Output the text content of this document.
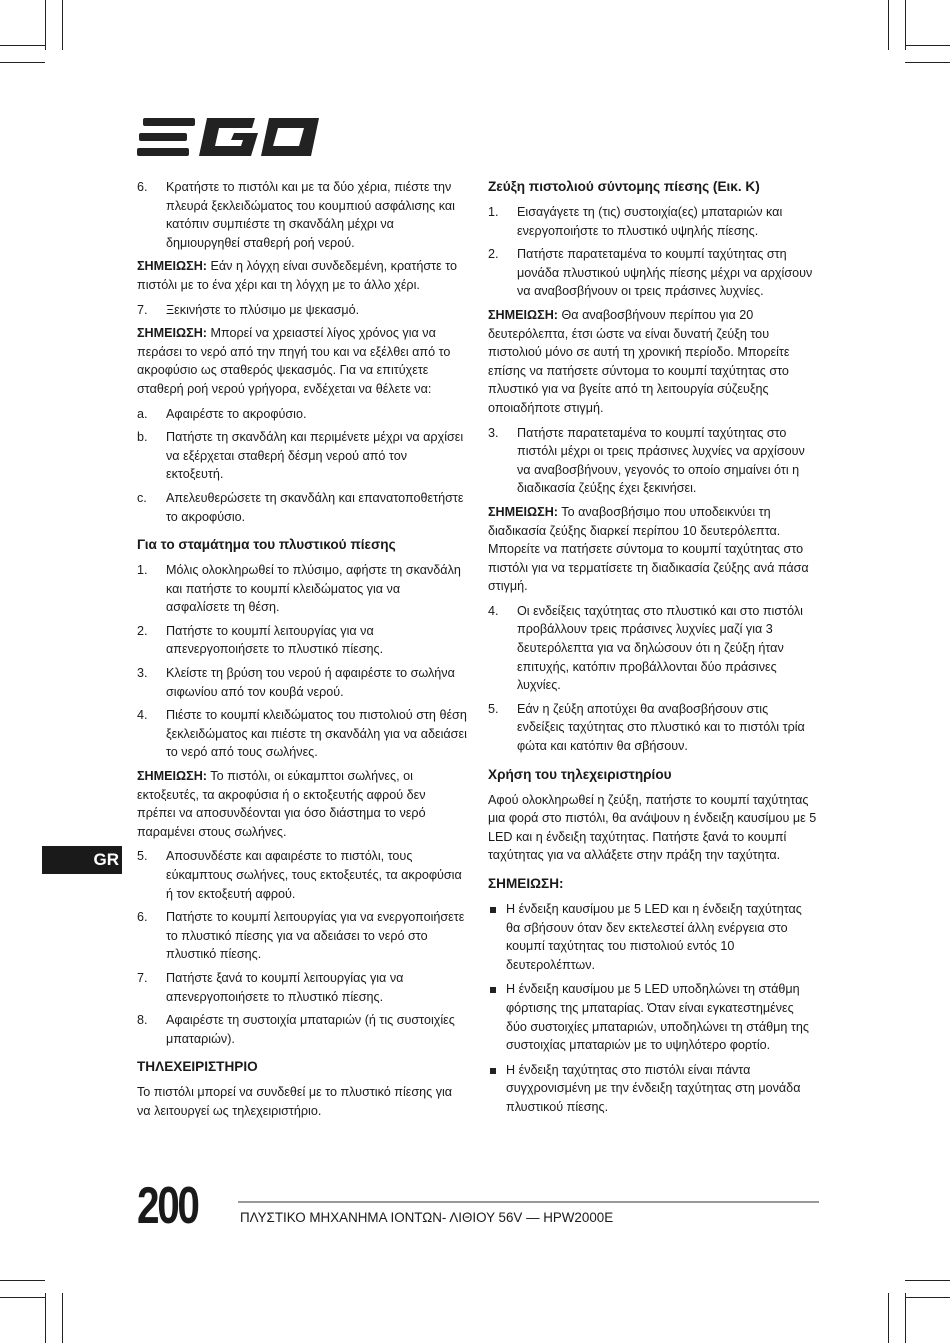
6.	Κρατήστε το πιστόλι και με τα δύο χέρια, πιέστε την πλευρά ξεκλειδώματος του κουμπιού ασφάλισης και κατόπιν συμπιέστε τη σκανδάλη μέχρι να δημιουργηθεί σταθερή ροή νερού.
ΣΗΜΕΙΩΣΗ: Εάν η λόγχη είναι συνδεδεμένη, κρατήστε το πιστόλι με το ένα χέρι και τη λόγχη με το άλλο χέρι.
7.	Ξεκινήστε το πλύσιμο με ψεκασμό.
ΣΗΜΕΙΩΣΗ: Μπορεί να χρειαστεί λίγος χρόνος για να περάσει το νερό από την πηγή του και να εξέλθει από το ακροφύσιο ως σταθερός ψεκασμός. Για να επιτύχετε σταθερή ροή νερού γρήγορα, ενδέχεται να θέλετε να:
a.	Αφαιρέστε το ακροφύσιο.
b.	Πατήστε τη σκανδάλη και περιμένετε μέχρι να αρχίσει να εξέρχεται σταθερή δέσμη νερού από τον εκτοξευτή.
c.	Απελευθερώσετε τη σκανδάλη και επανατοποθετήστε το ακροφύσιο.
Για το σταμάτημα του πλυστικού πίεσης
1.	Μόλις ολοκληρωθεί το πλύσιμο, αφήστε τη σκανδάλη και πατήστε το κουμπί κλειδώματος για να ασφαλίσετε τη θέση.
2.	Πατήστε το κουμπί λειτουργίας για να απενεργοποιήσετε το πλυστικό πίεσης.
3.	Κλείστε τη βρύση του νερού ή αφαιρέστε το σωλήνα σιφωνίου από τον κουβά νερού.
4.	Πιέστε το κουμπί κλειδώματος του πιστολιού στη θέση ξεκλειδώματος και πιέστε τη σκανδάλη για να αδειάσει το νερό από τους σωλήνες.
ΣΗΜΕΙΩΣΗ: Το πιστόλι, οι εύκαμπτοι σωλήνες, οι εκτοξευτές, τα ακροφύσια ή ο εκτοξευτής αφρού δεν πρέπει να αποσυνδέονται για όσο διάστημα το νερό παραμένει στους σωλήνες.
5.	Αποσυνδέστε και αφαιρέστε το πιστόλι, τους εύκαμπτους σωλήνες, τους εκτοξευτές, τα ακροφύσια ή τον εκτοξευτή αφρού.
6.	Πατήστε το κουμπί λειτουργίας για να ενεργοποιήσετε το πλυστικό πίεσης για να αδειάσει το νερό στο πλυστικό πίεσης.
7.	Πατήστε ξανά το κουμπί λειτουργίας για να απενεργοποιήσετε το πλυστικό πίεσης.
8.	Αφαιρέστε τη συστοιχία μπαταριών (ή τις συστοιχίες μπαταριών).
ΤΗΛΕΧΕΙΡΙΣΤΗΡΙΟ
Το πιστόλι μπορεί να συνδεθεί με το πλυστικό πίεσης για να λειτουργεί ως τηλεχειριστήριο.
Ζεύξη πιστολιού σύντομης πίεσης (Εικ. K)
1.	Εισαγάγετε τη (τις) συστοιχία(ες) μπαταριών και ενεργοποιήστε το πλυστικό υψηλής πίεσης.
2.	Πατήστε παρατεταμένα το κουμπί ταχύτητας στη μονάδα πλυστικού υψηλής πίεσης μέχρι να αρχίσουν να αναβοσβήνουν οι τρεις πράσινες λυχνίες.
ΣΗΜΕΙΩΣΗ: Θα αναβοσβήνουν περίπου για 20 δευτερόλεπτα, έτσι ώστε να είναι δυνατή ζεύξη του πιστολιού μόνο σε αυτή τη χρονική περίοδο. Μπορείτε επίσης να πατήσετε σύντομα το κουμπί ταχύτητας στο πλυστικό για να βγείτε από τη λειτουργία σύζευξης οποιαδήποτε στιγμή.
3.	Πατήστε παρατεταμένα το κουμπί ταχύτητας στο πιστόλι μέχρι οι τρεις πράσινες λυχνίες να αρχίσουν να αναβοσβήνουν, γεγονός το οποίο σημαίνει ότι η διαδικασία ζεύξης έχει ξεκινήσει.
ΣΗΜΕΙΩΣΗ: Το αναβοσβήσιμο που υποδεικνύει τη διαδικασία ζεύξης διαρκεί περίπου 10 δευτερόλεπτα. Μπορείτε να πατήσετε σύντομα το κουμπί ταχύτητας στο πιστόλι για να τερματίσετε τη διαδικασία ζεύξης ανά πάσα στιγμή.
4.	Οι ενδείξεις ταχύτητας στο πλυστικό και στο πιστόλι προβάλλουν τρεις πράσινες λυχνίες μαζί για 3 δευτερόλεπτα για να δηλώσουν ότι η ζεύξη ήταν επιτυχής, κατόπιν προβάλλονται δύο πράσινες λυχνίες.
5.	Εάν η ζεύξη αποτύχει θα αναβοσβήσουν στις ενδείξεις ταχύτητας στο πλυστικό και το πιστόλι τρία φώτα και κατόπιν θα σβήσουν.
Χρήση του τηλεχειριστηρίου
Αφού ολοκληρωθεί η ζεύξη, πατήστε το κουμπί ταχύτητας μια φορά στο πιστόλι, θα ανάψουν η ένδειξη καυσίμου με 5 LED και η ένδειξη ταχύτητας. Πατήστε ξανά το κουμπί ταχύτητας για να αλλάξετε στην πράξη την ταχύτητα.
ΣΗΜΕΙΩΣΗ:
Η ένδειξη καυσίμου με 5 LED και η ένδειξη ταχύτητας θα σβήσουν όταν δεν εκτελεστεί άλλη ενέργεια στο κουμπί ταχύτητας του πιστολιού εντός 10 δευτερολέπτων.
Η ένδειξη καυσίμου με 5 LED υποδηλώνει τη στάθμη φόρτισης της μπαταρίας. Όταν είναι εγκατεστημένες δύο συστοιχίες μπαταριών, υποδηλώνει τη στάθμη της συστοιχίας μπαταριών με το υψηλότερο φορτίο.
Η ένδειξη ταχύτητας στο πιστόλι είναι πάντα συγχρονισμένη με την ένδειξη ταχύτητας στη μονάδα πλυστικού πίεσης.
GR
200	ΠΛΥΣΤΙΚΟ ΜΗΧΑΝΗΜΑ ΙΟΝΤΩΝ- ΛΙΘΙΟΥ 56V — HPW2000E
